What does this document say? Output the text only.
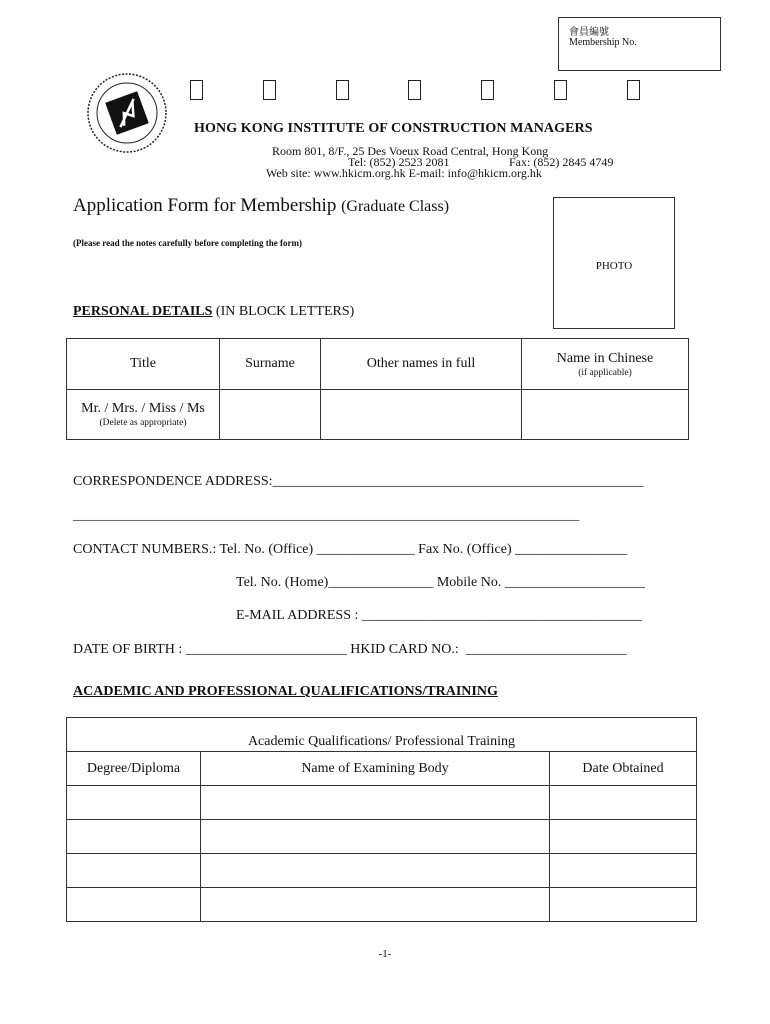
會員編號
Membership No.
HONG KONG INSTITUTE OF CONSTRUCTION MANAGERS
Room 801, 8/F., 25 Des Voeux Road Central, Hong Kong
Tel: (852) 2523 2081	Fax: (852) 2845 4749
Web site: www.hkicm.org.hk E-mail: info@hkicm.org.hk
Application Form for Membership (Graduate Class)
(Please read the notes carefully before completing the form)
PHOTO
PERSONAL DETAILS (IN BLOCK LETTERS)
Title	Surname	Other names in full	Name in Chinese
(if applicable)

Mr. / Mrs. / Miss / Ms
(Delete as appropriate)			

CORRESPONDENCE ADDRESS:_____________________________________________________
_________________________________________________________________________________
CONTACT NUMBERS.: Tel. No. (Office) ______________ Fax No. (Office) ________________
Tel. No. (Home)_______________ Mobile No. ____________________
E-MAIL ADDRESS : ________________________________________
DATE OF BIRTH : _______________________ HKID CARD NO.:  _______________________
ACADEMIC AND PROFESSIONAL QUALIFICATIONS/TRAINING
Academic Qualifications/ Professional Training		
Degree/Diploma	Name of Examining Body	Date Obtained

-1-
